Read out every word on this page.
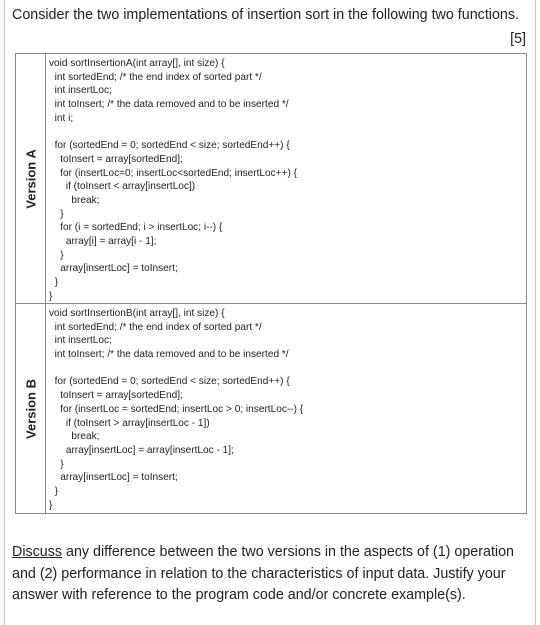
Consider the two implementations of insertion sort in the following two functions.
[5]
Version A
void sortInsertionA(int array[], int size) {
int sortedEnd; /* the end index of sorted part */
int insertLoc;
int toInsert; /* the data removed and to be inserted */
int i;
for (sortedEnd = 0; sortedEnd < size; sortedEnd++) {
toInsert = array[sortedEnd];
for (insertLoc=0; insertLoc<sortedEnd; insertLoc++) {
if (toInsert < array[insertLoc])
break;
}
for (i = sortedEnd; i > insertLoc; i--) {
array[i] = array[i - 1];
}
array[insertLoc] = toInsert;
}
}
Version B
void sortInsertionB(int array[], int size) {
int sortedEnd; /* the end index of sorted part */
int insertLoc;
int toInsert; /* the data removed and to be inserted */
for (sortedEnd = 0; sortedEnd < size; sortedEnd++) {
toInsert = array[sortedEnd];
for (insertLoc = sortedEnd; insertLoc > 0; insertLoc--) {
if (toInsert > array[insertLoc - 1])
break;
array[insertLoc] = array[insertLoc - 1];
}
array[insertLoc] = toInsert;
}
}
Discuss any difference between the two versions in the aspects of (1) operation and (2) performance in relation to the characteristics of input data. Justify your answer with reference to the program code and/or concrete example(s).
